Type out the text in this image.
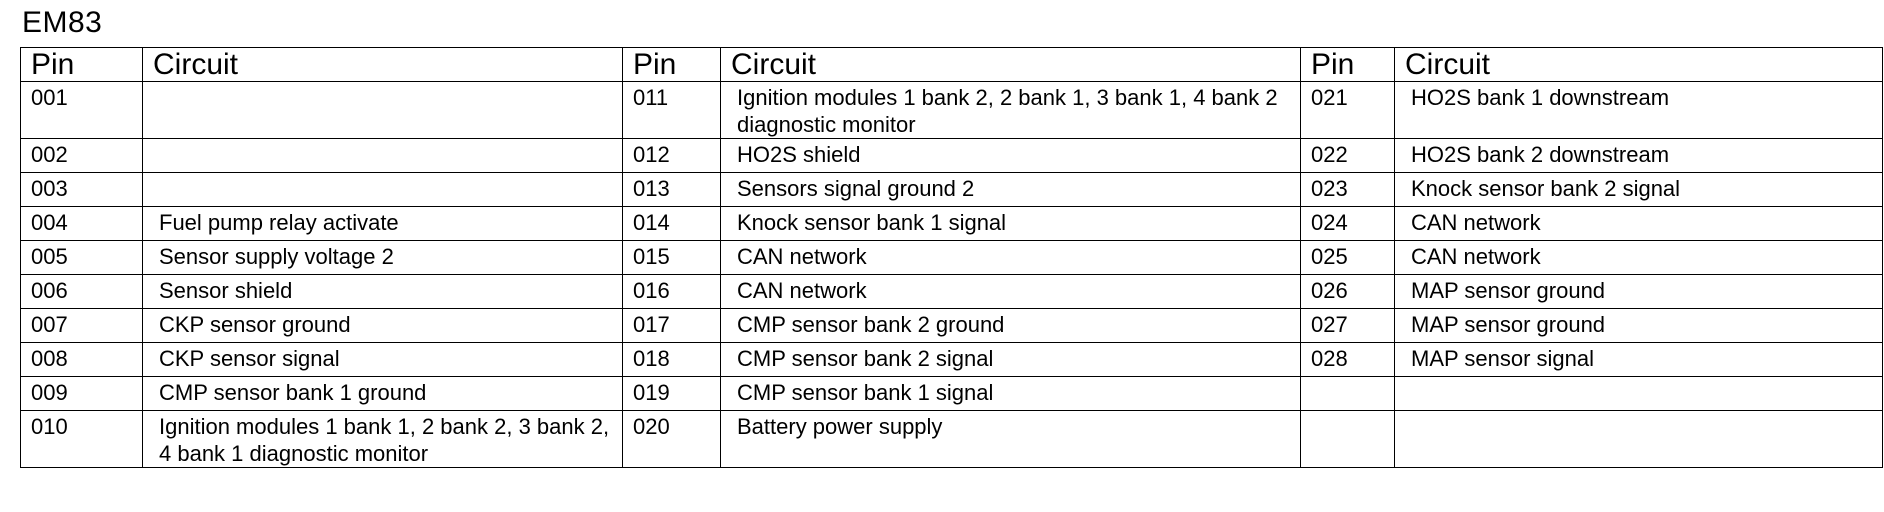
EM83
Pin	Circuit	Pin	Circuit	Pin	Circuit
001		011	Ignition modules 1 bank 2, 2 bank 1, 3 bank 1, 4 bank 2 diagnostic monitor	021	HO2S bank 1 downstream
002		012	HO2S shield	022	HO2S bank 2 downstream
003		013	Sensors signal ground 2	023	Knock sensor bank 2 signal
004	Fuel pump relay activate	014	Knock sensor bank 1 signal	024	CAN network
005	Sensor supply voltage 2	015	CAN network	025	CAN network
006	Sensor shield	016	CAN network	026	MAP sensor ground
007	CKP sensor ground	017	CMP sensor bank 2 ground	027	MAP sensor ground
008	CKP sensor signal	018	CMP sensor bank 2 signal	028	MAP sensor signal
009	CMP sensor bank 1 ground	019	CMP sensor bank 1 signal		
010	Ignition modules 1 bank 1, 2 bank 2, 3 bank 2, 4 bank 1 diagnostic monitor	020	Battery power supply		
